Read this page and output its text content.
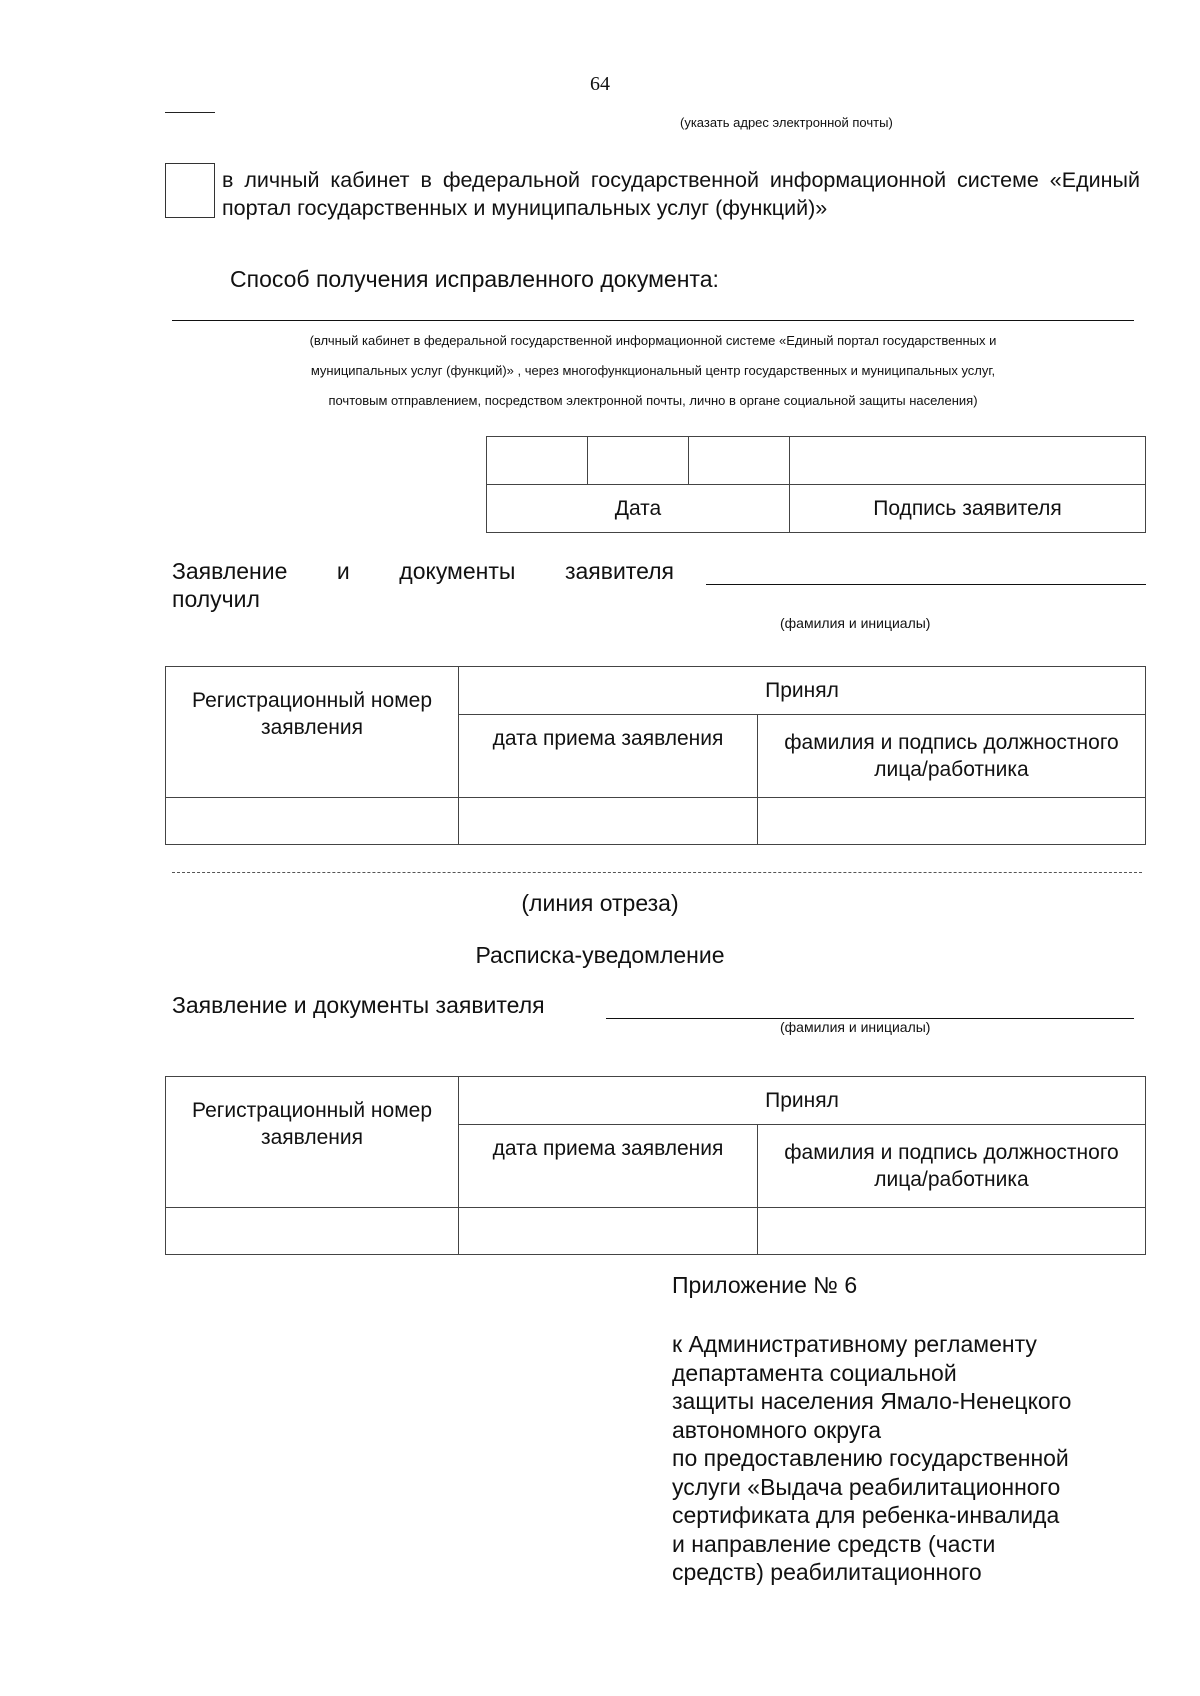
64
(указать адрес электронной почты)
в личный кабинет в федеральной государственной информационной системе «Единый портал государственных и муниципальных услуг (функций)»
Способ получения исправленного документа:
(влчный кабинет в федеральной государственной информационной системе «Единый портал государственных и
муниципальных услуг (функций)» , через многофункциональный центр государственных и муниципальных услуг,
почтовым отправлением, посредством электронной почты, лично в органе социальной защиты населения)

Дата			Подпись заявителя
Заявление и документы заявителя
получил
(фамилия и инициалы)
Регистрационный номер заявления	Принял	
	дата приема заявления	фамилия и подпись должностного лица/работника

(линия отреза)
Расписка-уведомление
Заявление и документы заявителя
(фамилия и инициалы)
Регистрационный номер заявления	Принял	
	дата приема заявления	фамилия и подпись должностного лица/работника

Приложение № 6
к Административному регламенту
департамента социальной
защиты населения Ямало-Ненецкого
автономного округа
по предоставлению государственной
услуги «Выдача реабилитационного
сертификата для ребенка-инвалида
и направление средств (части
средств) реабилитационного
